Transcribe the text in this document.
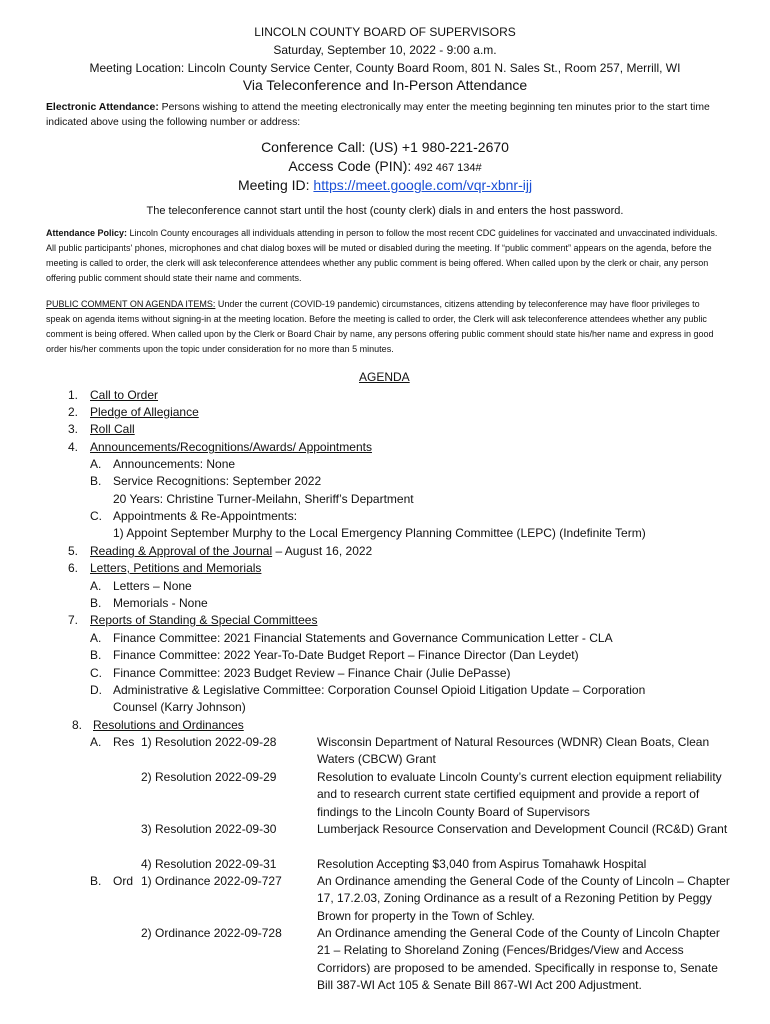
LINCOLN COUNTY BOARD OF SUPERVISORS
Saturday, September 10, 2022 - 9:00 a.m.
Meeting Location: Lincoln County Service Center, County Board Room, 801 N. Sales St., Room 257, Merrill, WI
Via Teleconference and In-Person Attendance
Electronic Attendance: Persons wishing to attend the meeting electronically may enter the meeting beginning ten minutes prior to the start time indicated above using the following number or address:
Conference Call: (US) +1 980-221-2670
Access Code (PIN): 492 467 134#
Meeting ID: https://meet.google.com/vqr-xbnr-ijj
The teleconference cannot start until the host (county clerk) dials in and enters the host password.
Attendance Policy: Lincoln County encourages all individuals attending in person to follow the most recent CDC guidelines for vaccinated and unvaccinated individuals. All public participants' phones, microphones and chat dialog boxes will be muted or disabled during the meeting. If “public comment” appears on the agenda, before the meeting is called to order, the clerk will ask teleconference attendees whether any public comment is being offered. When called upon by the clerk or chair, any person offering public comment should state their name and comments.
PUBLIC COMMENT ON AGENDA ITEMS: Under the current (COVID-19 pandemic) circumstances, citizens attending by teleconference may have floor privileges to speak on agenda items without signing-in at the meeting location. Before the meeting is called to order, the Clerk will ask teleconference attendees whether any public comment is being offered. When called upon by the Clerk or Board Chair by name, any persons offering public comment should state his/her name and express in good order his/her comments upon the topic under consideration for no more than 5 minutes.
AGENDA
1. Call to Order
2. Pledge of Allegiance
3. Roll Call
4. Announcements/Recognitions/Awards/ Appointments
A. Announcements: None
B. Service Recognitions: September 2022
20 Years: Christine Turner-Meilahn, Sheriff’s Department
C. Appointments & Re-Appointments:
1) Appoint September Murphy to the Local Emergency Planning Committee (LEPC) (Indefinite Term)
5. Reading & Approval of the Journal – August 16, 2022
6. Letters, Petitions and Memorials
A. Letters – None
B. Memorials - None
7. Reports of Standing & Special Committees
A. Finance Committee: 2021 Financial Statements and Governance Communication Letter - CLA
B. Finance Committee: 2022 Year-To-Date Budget Report – Finance Director (Dan Leydet)
C. Finance Committee: 2023 Budget Review – Finance Chair (Julie DePasse)
D. Administrative & Legislative Committee: Corporation Counsel Opioid Litigation Update – Corporation
Counsel (Karry Johnson)
8. Resolutions and Ordinances
A. Res 1) Resolution 2022-09-28	Wisconsin Department of Natural Resources (WDNR) Clean Boats, Clean Waters (CBCW) Grant
2) Resolution 2022-09-29	Resolution to evaluate Lincoln County’s current election equipment reliability and to research current state certified equipment and provide a report of findings to the Lincoln County Board of Supervisors
3) Resolution 2022-09-30	Lumberjack Resource Conservation and Development Council (RC&D) Grant
4) Resolution 2022-09-31	Resolution Accepting $3,040 from Aspirus Tomahawk Hospital
B. Ord 1) Ordinance 2022-09-727	An Ordinance amending the General Code of the County of Lincoln – Chapter 17, 17.2.03, Zoning Ordinance as a result of a Rezoning Petition by Peggy Brown for property in the Town of Schley.
2) Ordinance 2022-09-728	An Ordinance amending the General Code of the County of Lincoln Chapter 21 – Relating to Shoreland Zoning (Fences/Bridges/View and Access Corridors) are proposed to be amended. Specifically in response to, Senate Bill 387-WI Act 105 & Senate Bill 867-WI Act 200 Adjustment.
